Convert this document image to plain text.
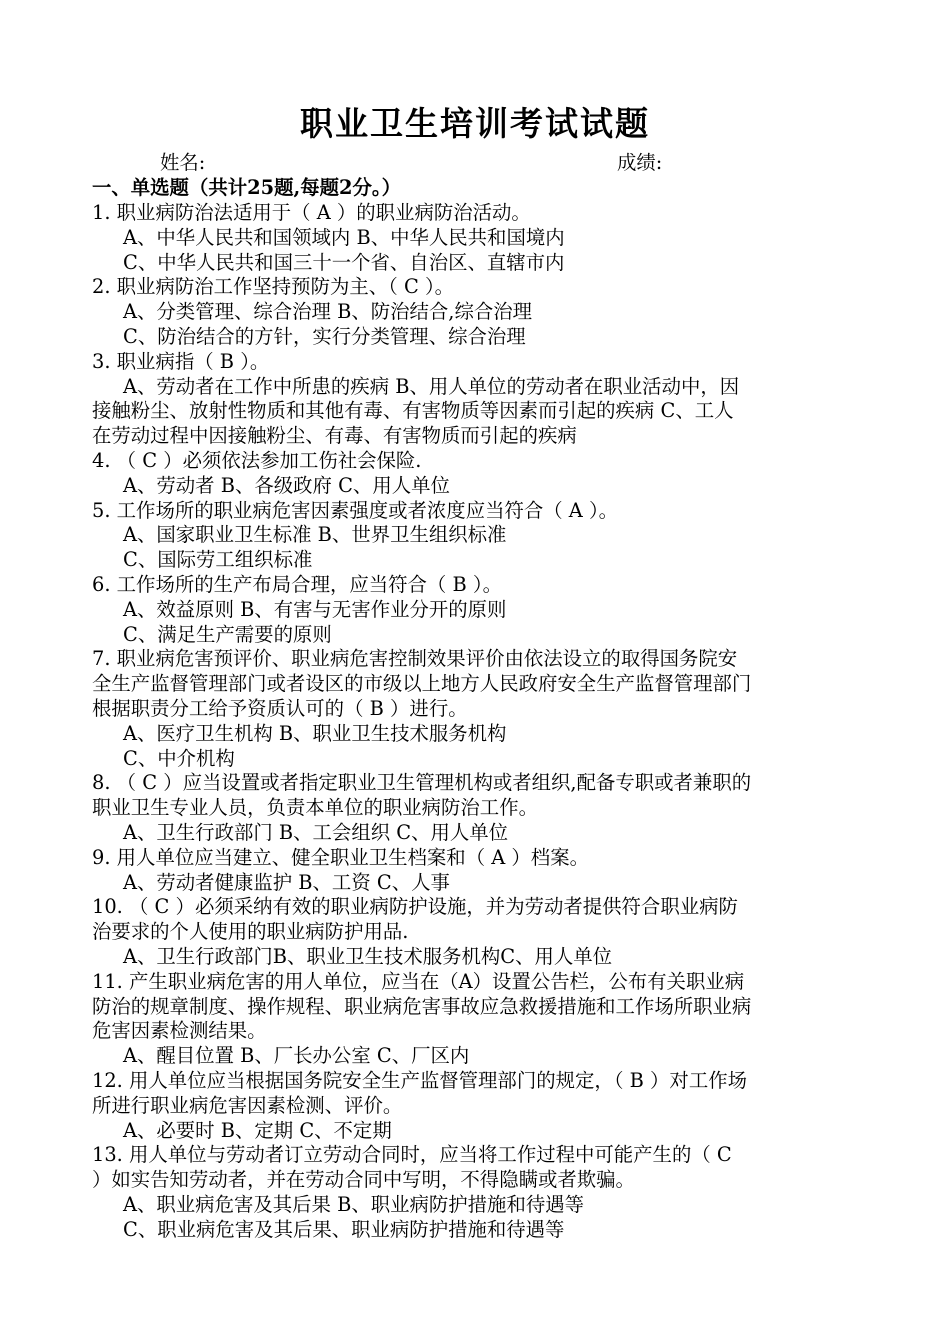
职业卫生培训考试试题
姓名:	成绩:
一、单选题（共计25题,每题2分。）
1. 职业病防治法适用于（ A ）的职业病防治活动。
A、中华人民共和国领域内 B、中华人民共和国境内
C、中华人民共和国三十一个省、自治区、直辖市内
2. 职业病防治工作坚持预防为主、（ C ）。
A、分类管理、综合治理 B、防治结合,综合治理
C、防治结合的方针，实行分类管理、综合治理
3. 职业病指（ B ）。
A、劳动者在工作中所患的疾病 B、用人单位的劳动者在职业活动中，因
接触粉尘、放射性物质和其他有毒、有害物质等因素而引起的疾病 C、工人
在劳动过程中因接触粉尘、有毒、有害物质而引起的疾病
4. （ C ）必须依法参加工伤社会保险.
A、劳动者 B、各级政府 C、用人单位
5. 工作场所的职业病危害因素强度或者浓度应当符合（ A ）。
A、国家职业卫生标准 B、世界卫生组织标准
C、国际劳工组织标准
6. 工作场所的生产布局合理，应当符合（ B ）。
A、效益原则 B、有害与无害作业分开的原则
C、满足生产需要的原则
7. 职业病危害预评价、职业病危害控制效果评价由依法设立的取得国务院安
全生产监督管理部门或者设区的市级以上地方人民政府安全生产监督管理部门
根据职责分工给予资质认可的（ B ）进行。
A、医疗卫生机构 B、职业卫生技术服务机构
C、中介机构
8. （ C ）应当设置或者指定职业卫生管理机构或者组织,配备专职或者兼职的
职业卫生专业人员，负责本单位的职业病防治工作。
A、卫生行政部门 B、工会组织 C、用人单位
9. 用人单位应当建立、健全职业卫生档案和（ A ）档案。
A、劳动者健康监护 B、工资 C、人事
10. （ C ）必须采纳有效的职业病防护设施，并为劳动者提供符合职业病防
治要求的个人使用的职业病防护用品.
A、卫生行政部门B、职业卫生技术服务机构C、用人单位
11. 产生职业病危害的用人单位，应当在（A）设置公告栏，公布有关职业病
防治的规章制度、操作规程、职业病危害事故应急救援措施和工作场所职业病
危害因素检测结果。
A、醒目位置 B、厂长办公室 C、厂区内
12. 用人单位应当根据国务院安全生产监督管理部门的规定，（ B ）对工作场
所进行职业病危害因素检测、评价。
A、必要时 B、定期 C、不定期
13. 用人单位与劳动者订立劳动合同时，应当将工作过程中可能产生的（ C
）如实告知劳动者，并在劳动合同中写明，不得隐瞒或者欺骗。
A、职业病危害及其后果 B、职业病防护措施和待遇等
C、职业病危害及其后果、职业病防护措施和待遇等
